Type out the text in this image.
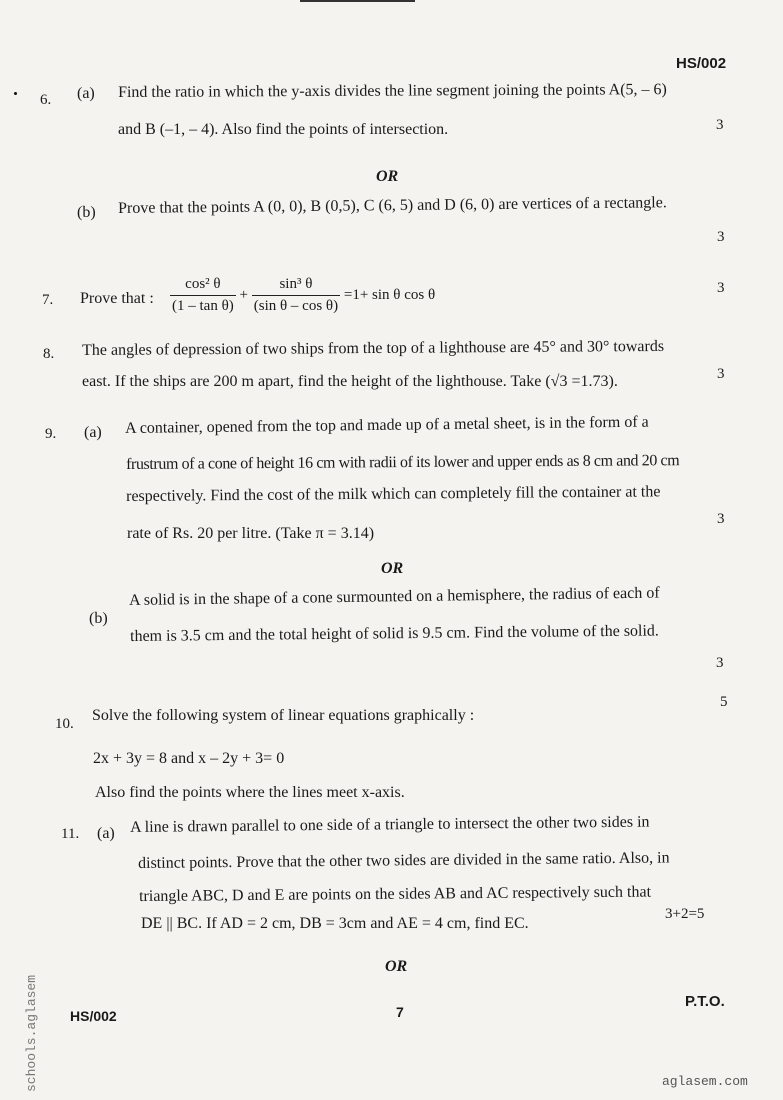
HS/002
6. (a) Find the ratio in which the y-axis divides the line segment joining the points A(5, – 6)
3
and B (–1, – 4). Also find the points of intersection.
OR
(b) Prove that the points A (0, 0), B (0,5), C (6, 5) and D (6, 0) are vertices of a rectangle.
3
7. Prove that : $\frac{\text{cos² θ}}{\text{(1 – tan θ)}} + \frac{\text{sin³ θ}}{\text{(sin θ – cos θ)}} =1+ \sin \theta$ cos θ	3
8. The angles of depression of two ships from the top of a lighthouse are 45° and 30° towards
east. If the ships are 200 m apart, find the height of the lighthouse. Take (√3 =1.73).	3
9. (a) A container, opened from the top and made up of a metal sheet, is in the form of a
frustrum of a cone of height 16 cm with radii of its lower and upper ends as 8 cm and 20 cm
respectively. Find the cost of the milk which can completely fill the container at the
3
rate of Rs. 20 per litre. (Take π = 3.14)
OR
(b)
A solid is in the shape of a cone surmounted on a hemisphere, the radius of each of
them is 3.5 cm and the total height of solid is 9.5 cm. Find the volume of the solid.
3
5
10. Solve the following system of linear equations graphically :
2x + 3y = 8 and x – 2y + 3= 0
Also find the points where the lines meet x-axis.
11. (a) A line is drawn parallel to one side of a triangle to intersect the other two sides in
distinct points. Prove that the other two sides are divided in the same ratio. Also, in
triangle ABC, D and E are points on the sides AB and AC respectively such that
3+2=5
DE || BC. If AD = 2 cm, DB = 3cm and AE = 4 cm, find EC.
OR
HS/002	7
P.T.O.
schools.aglasem	aglasem.com
